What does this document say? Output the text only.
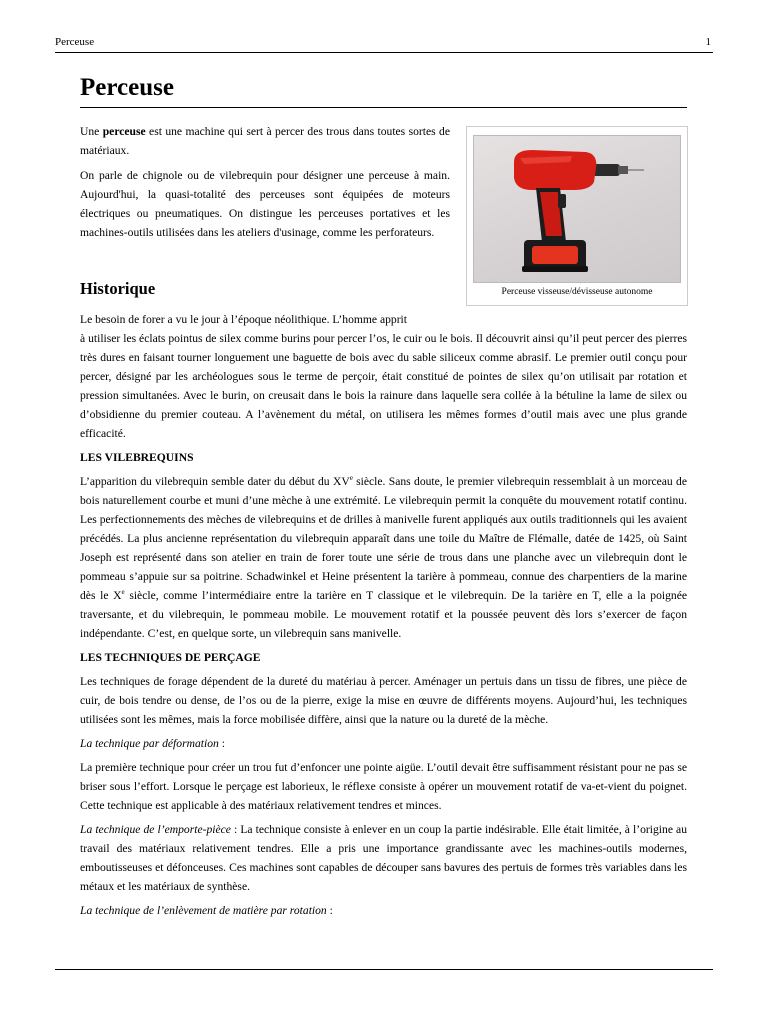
Perceuse	1
Perceuse

Une perceuse est une machine qui sert à percer des trous dans toutes sortes de matériaux.

On parle de chignole ou de vilebrequin pour désigner une perceuse à main. Aujourd'hui, la quasi-totalité des perceuses sont équipées de moteurs électriques ou pneumatiques. On distingue les perceuses portatives et les machines-outils utilisées dans les ateliers d'usinage, comme les perforateurs.

Perceuse visseuse/dévisseuse autonome
Historique
Le besoin de forer a vu le jour à l’époque néolithique. L’homme apprit

à utiliser les éclats pointus de silex comme burins pour percer l’os, le cuir ou le bois. Il découvrit ainsi qu’il peut percer des pierres très dures en faisant tourner longuement une baguette de bois avec du sable siliceux comme abrasif. Le premier outil conçu pour percer, désigné par les archéologues sous le terme de perçoir, était constitué de pointes de silex qu’on utilisait par rotation et pression simultanées. Avec le burin, on creusait dans le bois la rainure dans laquelle sera collée à la bétuline la lame de silex ou d’obsidienne du premier couteau. A l’avènement du métal, on utilisera les mêmes formes d’outil mais avec une plus grande efficacité.

LES VILEBREQUINS

L’apparition du vilebrequin semble dater du début du XVe siècle. Sans doute, le premier vilebrequin ressemblait à un morceau de bois naturellement courbe et muni d’une mèche à une extrémité. Le vilebrequin permit la conquête du mouvement rotatif continu. Les perfectionnements des mèches de vilebrequins et de drilles à manivelle furent appliqués aux outils traditionnels qui les avaient précédés. La plus ancienne représentation du vilebrequin apparaît dans une toile du Maître de Flémalle, datée de 1425, où Saint Joseph est représenté dans son atelier en train de forer toute une série de trous dans une planche avec un vilebrequin dont le pommeau s’appuie sur sa poitrine. Schadwinkel et Heine présentent la tarière à pommeau, connue des charpentiers de la marine dès le Xe siècle, comme l’intermédiaire entre la tarière en T classique et le vilebrequin. De la tarière en T, elle a la poignée traversante, et du vilebrequin, le pommeau mobile. Le mouvement rotatif et la poussée peuvent dès lors s’exercer de façon indépendante. C’est, en quelque sorte, un vilebrequin sans manivelle.

LES TECHNIQUES DE PERÇAGE

Les techniques de forage dépendent de la dureté du matériau à percer. Aménager un pertuis dans un tissu de fibres, une pièce de cuir, de bois tendre ou dense, de l’os ou de la pierre, exige la mise en œuvre de différents moyens. Aujourd’hui, les techniques utilisées sont les mêmes, mais la force mobilisée diffère, ainsi que la nature ou la dureté de la mèche.

La technique par déformation :

La première technique pour créer un trou fut d’enfoncer une pointe aigüe. L’outil devait être suffisamment résistant pour ne pas se briser sous l’effort. Lorsque le perçage est laborieux, le réflexe consiste à opérer un mouvement rotatif de va-et-vient du poignet. Cette technique est applicable à des matériaux relativement tendres et minces.

La technique de l’emporte-pièce : La technique consiste à enlever en un coup la partie indésirable. Elle était limitée, à l’origine au travail des matériaux relativement tendres. Elle a pris une importance grandissante avec les machines-outils modernes, emboutisseuses et défonceuses. Ces machines sont capables de découper sans bavures des pertuis de formes très variables dans les métaux et les matériaux de synthèse.

La technique de l’enlèvement de matière par rotation :
